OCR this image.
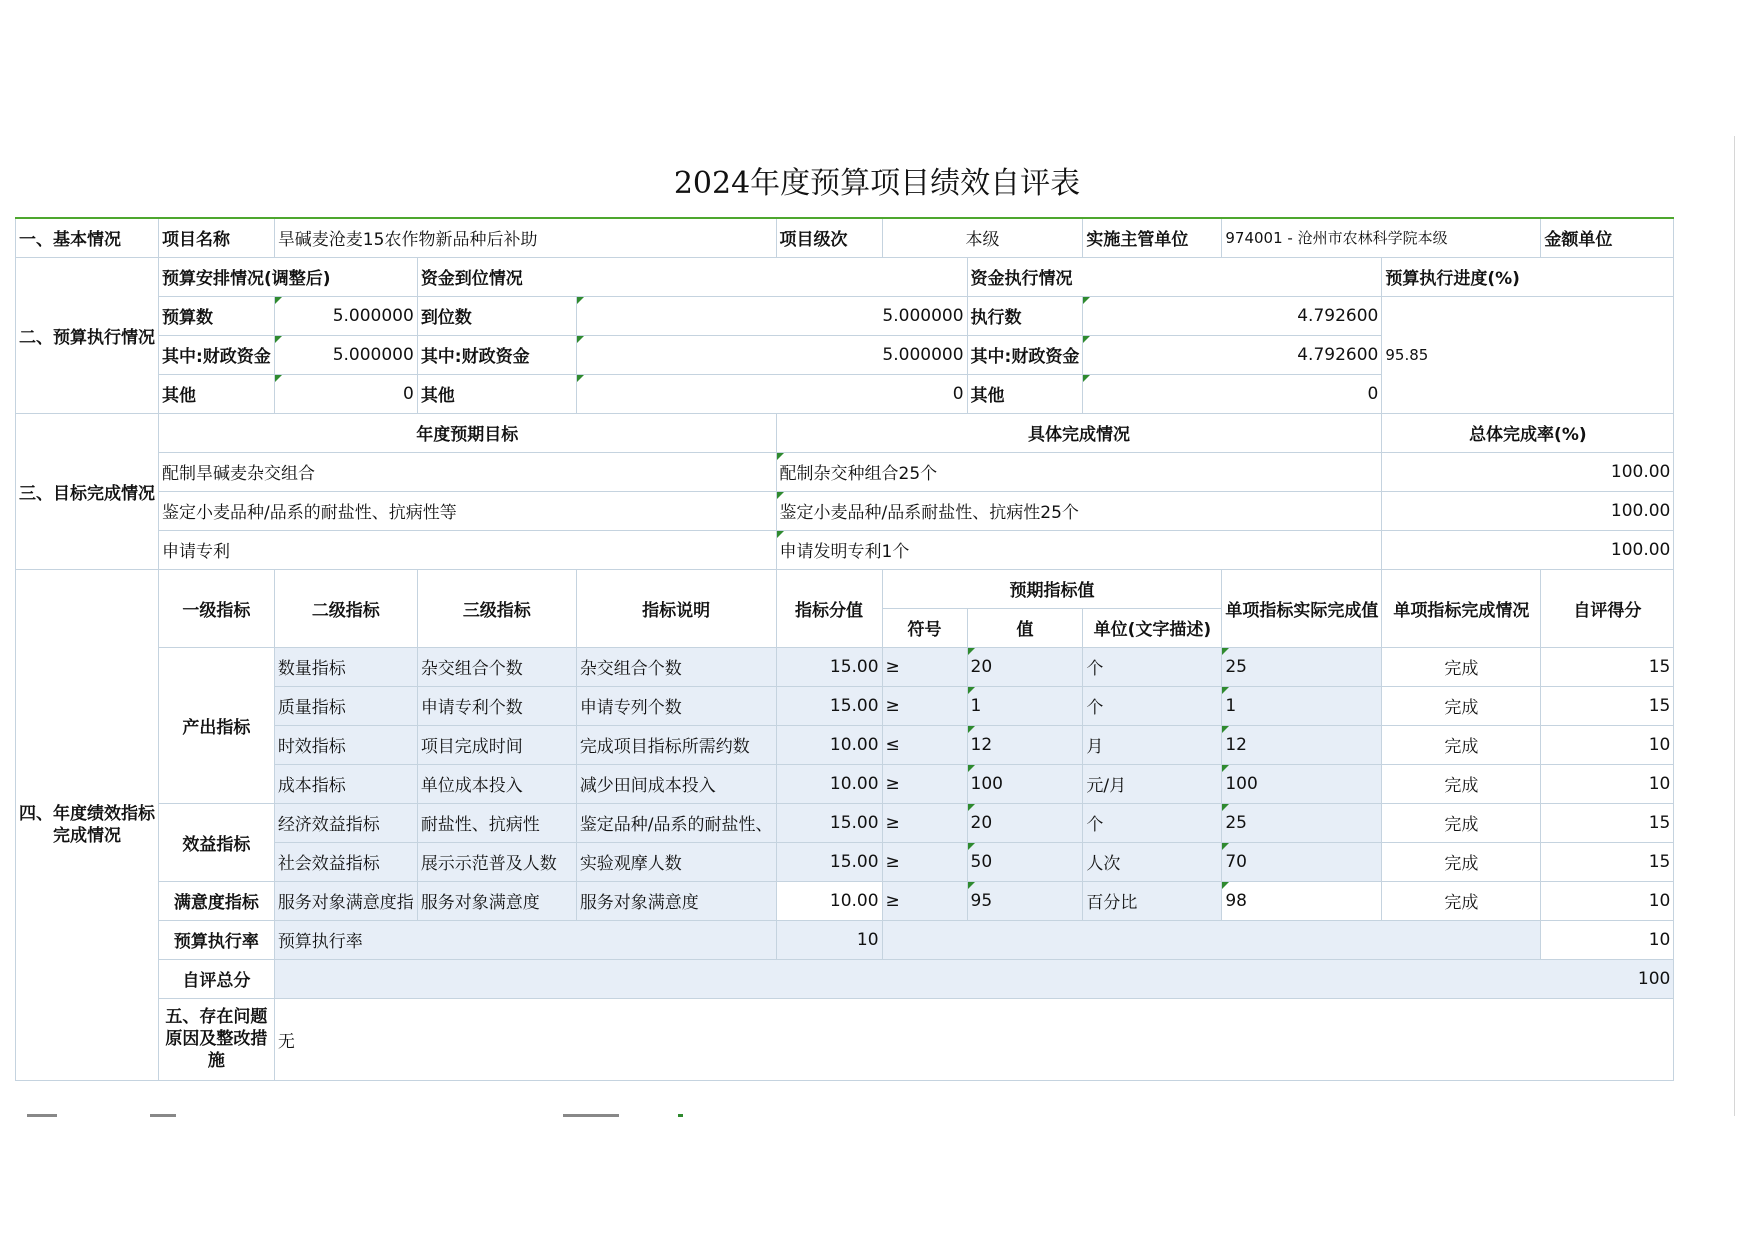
2024年度预算项目绩效自评表
一、基本情况	项目名称	旱碱麦沧麦15农作物新品种后补助			项目级次	本级		实施主管单位	974001 - 沧州市农林科学院本级		金额单位
二、预算执行情况	预算安排情况(调整后)		资金到位情况				资金执行情况			预算执行进度(%)	
	预算数	5.000000	到位数	5.000000			执行数	4.792600		95.85	
	其中:财政资金	5.000000	其中:财政资金	5.000000			其中:财政资金	4.792600			
	其他	0	其他	0			其他	0			
三、目标完成情况	年度预期目标				具体完成情况					总体完成率(%)	
	配制旱碱麦杂交组合				配制杂交种组合25个					100.00	
	鉴定小麦品种/品系的耐盐性、抗病性等				鉴定小麦品种/品系耐盐性、抗病性25个					100.00	
	申请专利				申请发明专利1个					100.00	
四、年度绩效指标完成情况	一级指标	二级指标	三级指标	指标说明	指标分值	预期指标值			单项指标实际完成值	单项指标完成情况	自评得分
						符号	值	单位(文字描述)			
	产出指标	数量指标	杂交组合个数	杂交组合个数	15.00	≥	20	个	25	完成	15
		质量指标	申请专利个数	申请专列个数	15.00	≥	1	个	1	完成	15
		时效指标	项目完成时间	完成项目指标所需约数	10.00	≤	12	月	12	完成	10
		成本指标	单位成本投入	减少田间成本投入	10.00	≥	100	元/月	100	完成	10
	效益指标	经济效益指标	耐盐性、抗病性	鉴定品种/品系的耐盐性、	15.00	≥	20	个	25	完成	15
		社会效益指标	展示示范普及人数	实验观摩人数	15.00	≥	50	人次	70	完成	15
	满意度指标	服务对象满意度指	服务对象满意度	服务对象满意度	10.00	≥	95	百分比	98	完成	10
	预算执行率	预算执行率			10						10
	自评总分	100									
	五、存在问题原因及整改措施	无									
